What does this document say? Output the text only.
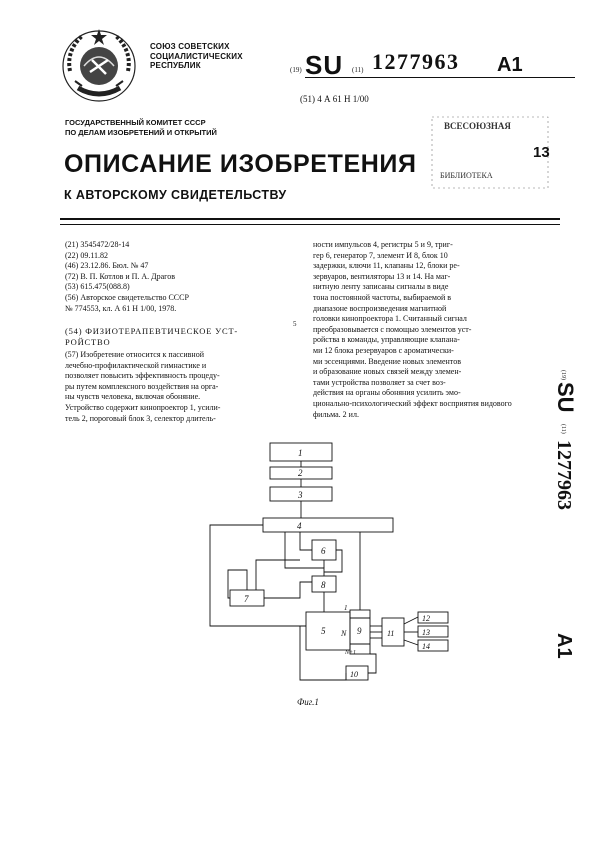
СОЮЗ СОВЕТСКИХ
СОЦИАЛИСТИЧЕСКИХ
РЕСПУБЛИК	(19) SU (11) 1277963 A1
(51) 4 А 61 Н 1/00
ГОСУДАРСТВЕННЫЙ КОМИТЕТ СССР
ПО ДЕЛАМ ИЗОБРЕТЕНИЙ И ОТКРЫТИЙ
ВСЕСОЮЗНАЯ
13
БИБЛИОТЕКА
ОПИСАНИЕ ИЗОБРЕТЕНИЯ
К АВТОРСКОМУ СВИДЕТЕЛЬСТВУ
(21) 3545472/28-14
(22) 09.11.82
(46) 23.12.86. Бюл. № 47
(72) В. П. Котлов и П. А. Драгов
(53) 615.475(088.8)
(56) Авторское свидетельство СССР
№ 774553, кл. А 61 Н 1/00, 1978.
(54) ФИЗИОТЕРАПЕВТИЧЕСКОЕ УСТ-
РОЙСТВО
(57) Изобретение относится к пассивной
лечебно-профилактической гимнастике и
позволяет повысить эффективность процеду-
ры путем комплексного воздействия на орга-
ны чувств человека, включая обоняние.
Устройство содержит кинопроектор 1, усили-
тель 2, пороговый блок 3, селектор длитель-
ности импульсов 4, регистры 5 и 9, триг-
гер 6, генератор 7, элемент И 8, блок 10
задержки, ключи 11, клапаны 12, блоки ре-
зервуаров, вентиляторы 13 и 14. На маг-
нитную ленту записаны сигналы в виде
тона постоянной частоты, выбираемой в
диапазоне воспроизведения магнитной
головки кинопроектора 1. Считанный сигнал
преобразовывается с помощью элементов уст-
ройства в команды, управляющие клапана-
ми 12 блока резервуаров с ароматически-
ми эссенциями. Введение новых элементов
и образование новых связей между элемен-
тами устройства позволяет за счет воз-
действия на органы обоняния усилить эмо-
ционально-психологический эффект восприятия видового
фильма. 2 ил.
5
(19)
SU
(11)
1277963
A1
1
2
3
4
5
6
7
8
9
10
11
12
13
14
1
N
N+1
Фиг.1
